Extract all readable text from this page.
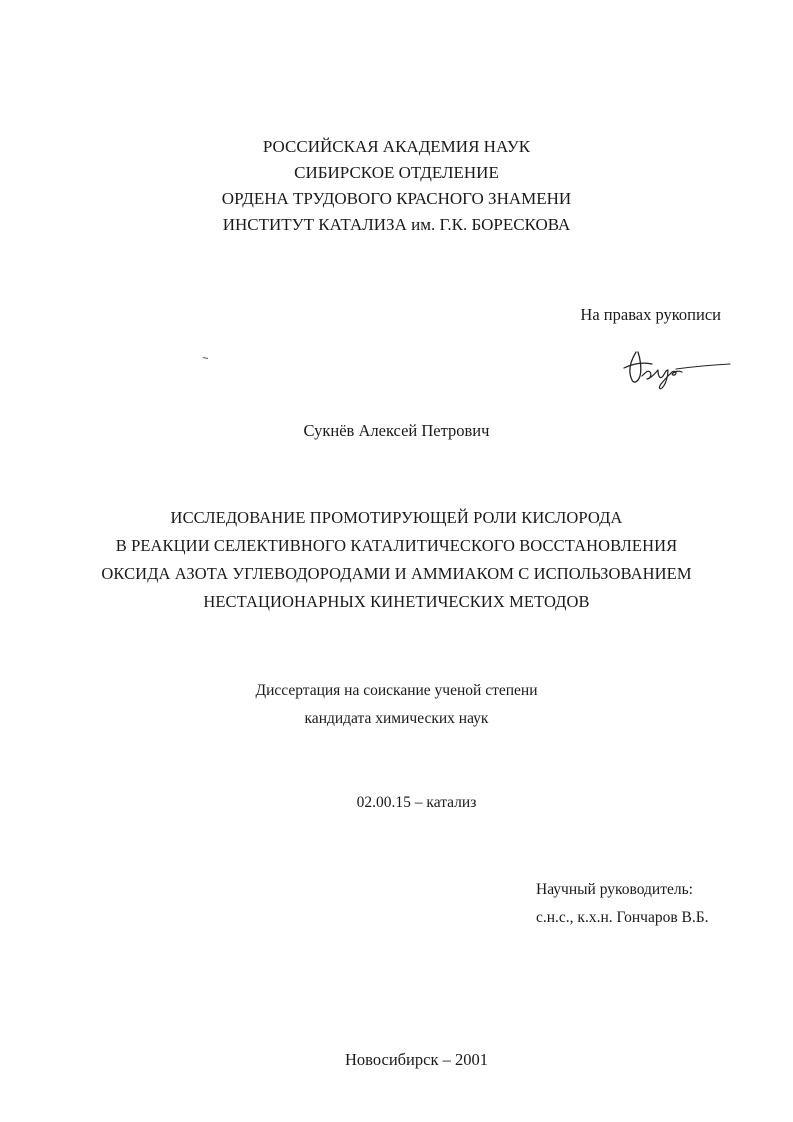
РОССИЙСКАЯ АКАДЕМИЯ НАУК
СИБИРСКОЕ ОТДЕЛЕНИЕ
ОРДЕНА ТРУДОВОГО КРАСНОГО ЗНАМЕНИ
ИНСТИТУТ КАТАЛИЗА им. Г.К. БОРЕСКОВА
На правах рукописи
Сукнёв Алексей Петрович
ИССЛЕДОВАНИЕ ПРОМОТИРУЮЩЕЙ РОЛИ КИСЛОРОДА
В РЕАКЦИИ СЕЛЕКТИВНОГО КАТАЛИТИЧЕСКОГО ВОССТАНОВЛЕНИЯ
ОКСИДА АЗОТА УГЛЕВОДОРОДАМИ И АММИАКОМ С ИСПОЛЬЗОВАНИЕМ
НЕСТАЦИОНАРНЫХ КИНЕТИЧЕСКИХ МЕТОДОВ
Диссертация на соискание ученой степени
кандидата химических наук
02.00.15 – катализ
Научный руководитель:
с.н.с., к.х.н. Гончаров В.Б.
Новосибирск – 2001
